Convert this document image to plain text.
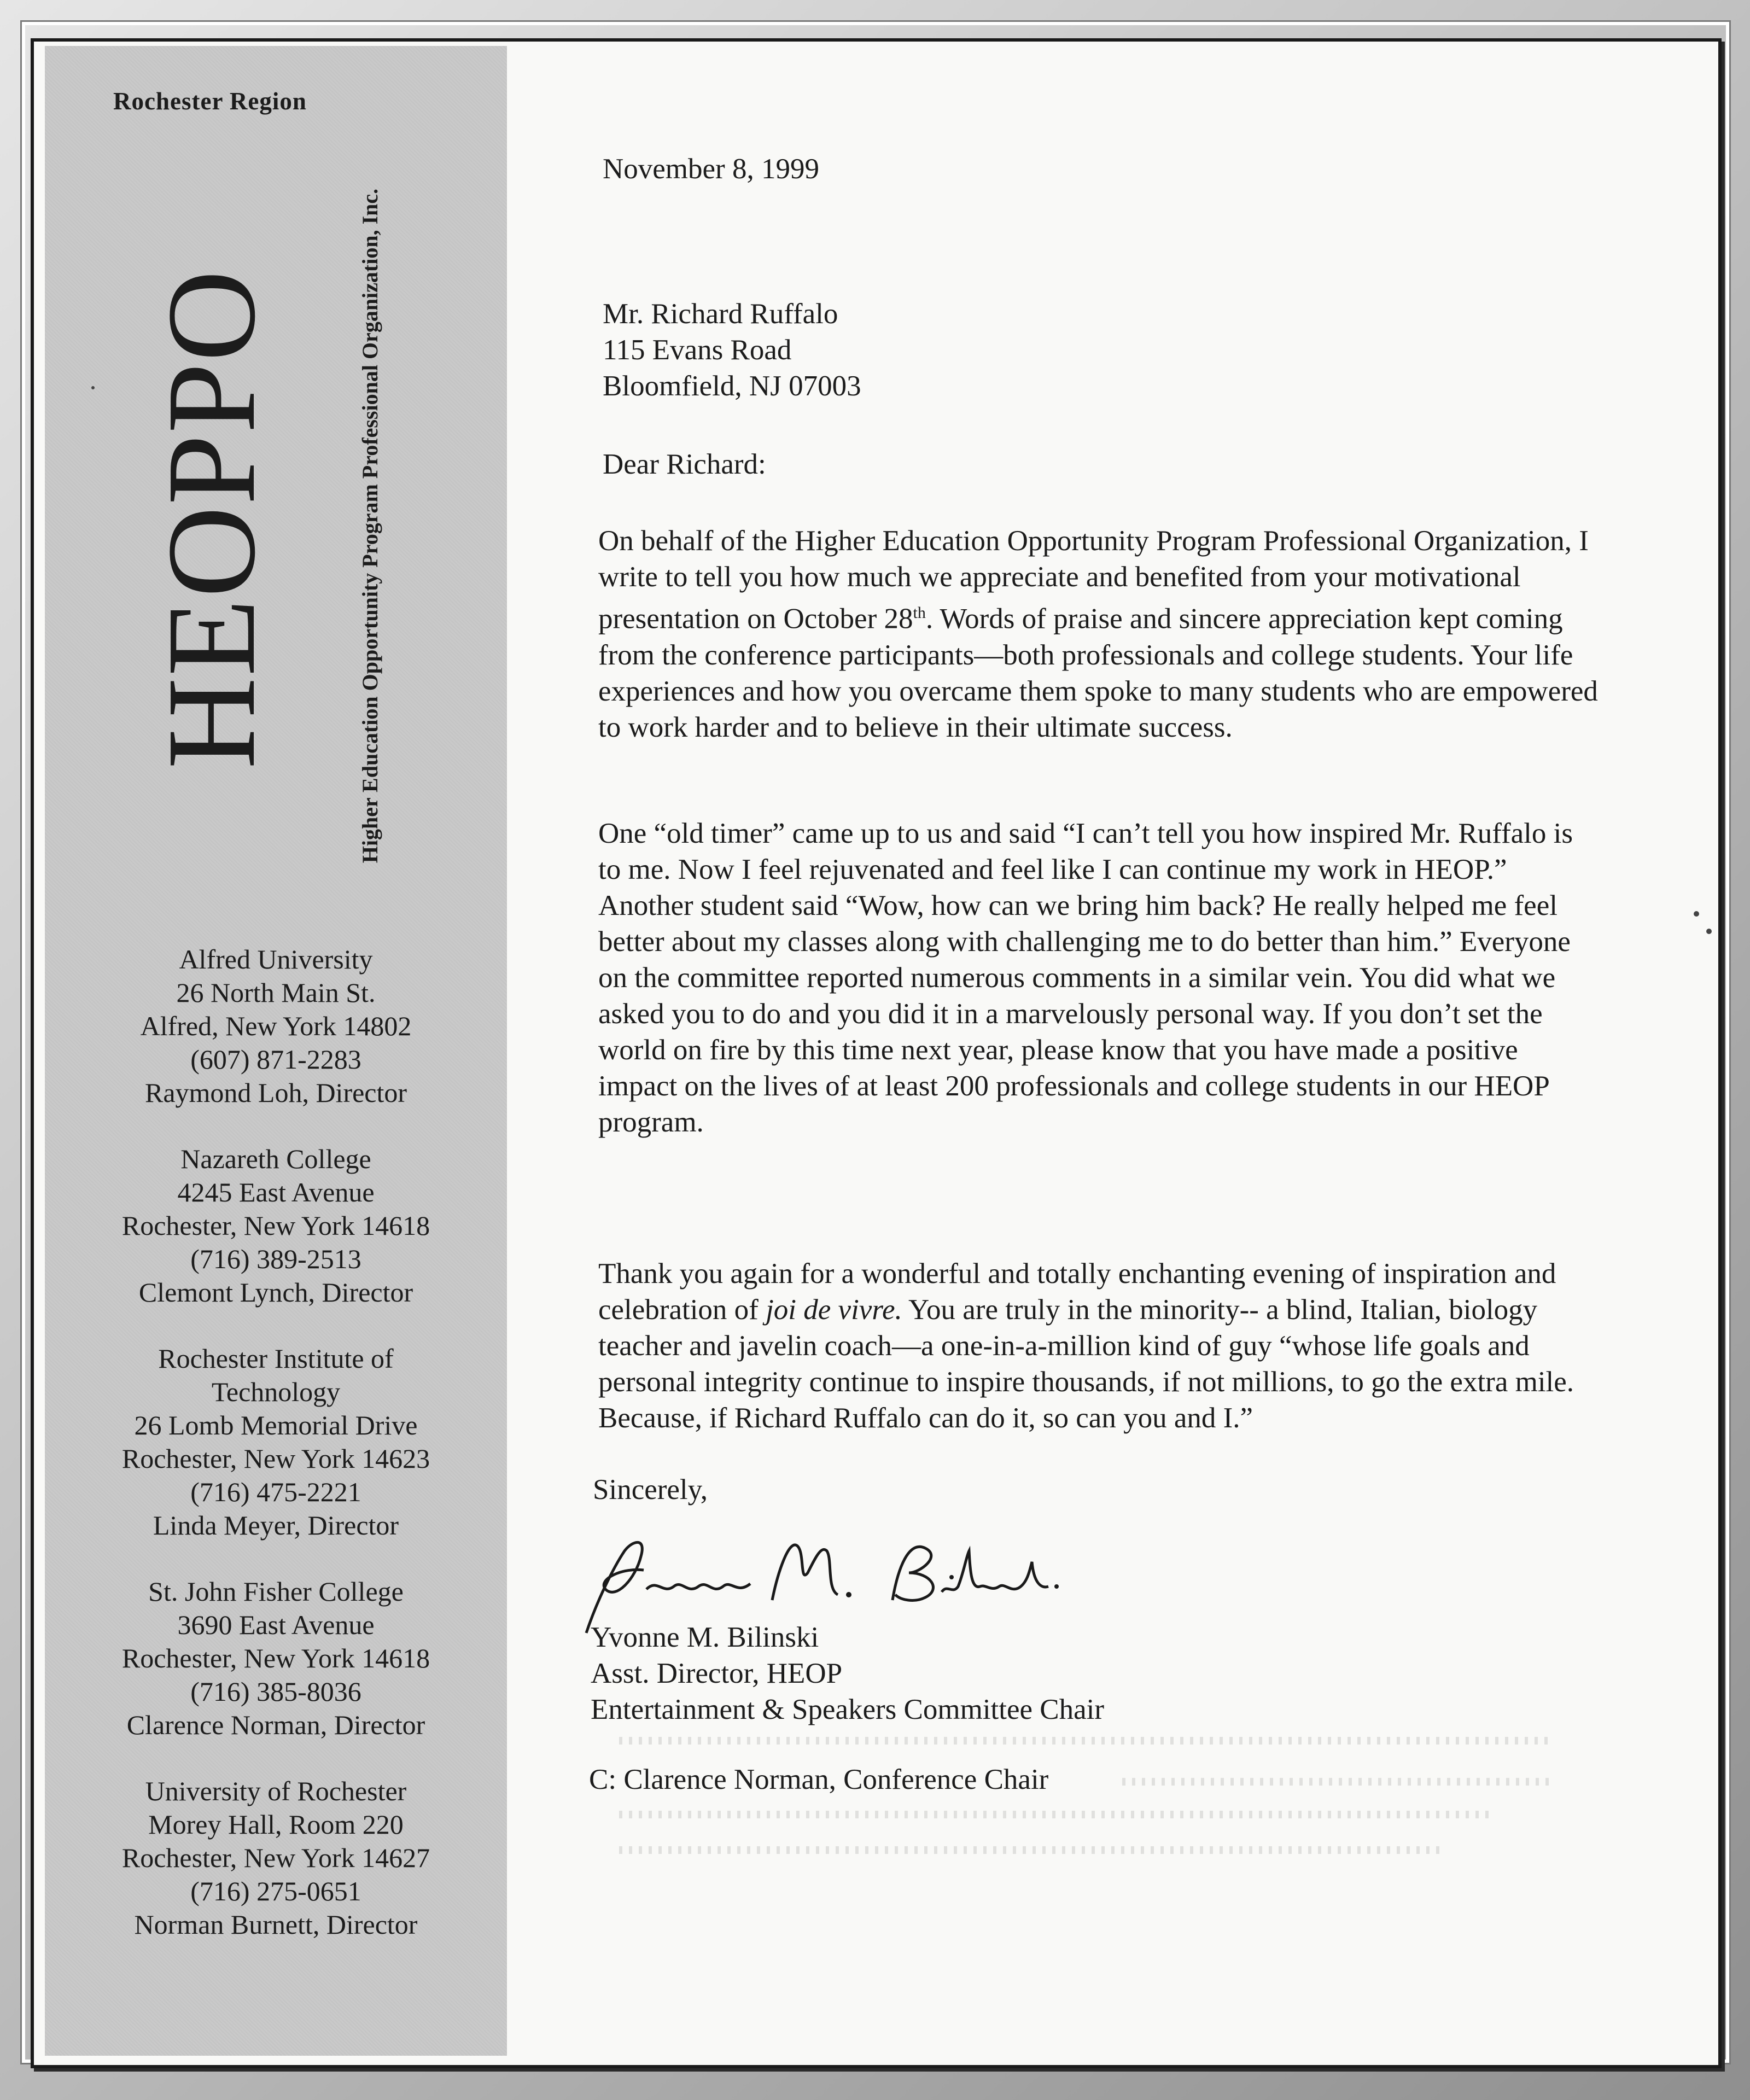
Rochester Region
HEOPPO	Higher Education Opportunity Program Professional Organization, Inc.
Alfred University
26 North Main St.
Alfred, New York 14802
(607) 871-2283
Raymond Loh, Director
Nazareth College
4245 East Avenue
Rochester, New York 14618
(716) 389-2513
Clemont Lynch, Director
Rochester Institute of
Technology
26 Lomb Memorial Drive
Rochester, New York 14623
(716) 475-2221
Linda Meyer, Director
St. John Fisher College
3690 East Avenue
Rochester, New York 14618
(716) 385-8036
Clarence Norman, Director
University of Rochester
Morey Hall, Room 220
Rochester, New York 14627
(716) 275-0651
Norman Burnett, Director
November 8, 1999
Mr. Richard Ruffalo
115 Evans Road
Bloomfield, NJ 07003
Dear Richard:

On behalf of the Higher Education Opportunity Program Professional Organization, I write to tell you how much we appreciate and benefited from your motivational presentation on October 28th. Words of praise and sincere appreciation kept coming from the conference participants—both professionals and college students. Your life experiences and how you overcame them spoke to many students who are empowered to work harder and to believe in their ultimate success.

One “old timer” came up to us and said “I can’t tell you how inspired Mr. Ruffalo is to me. Now I feel rejuvenated and feel like I can continue my work in HEOP.” Another student said “Wow, how can we bring him back? He really helped me feel better about my classes along with challenging me to do better than him.” Everyone on the committee reported numerous comments in a similar vein. You did what we asked you to do and you did it in a marvelously personal way. If you don’t set the world on fire by this time next year, please know that you have made a positive impact on the lives of at least 200 professionals and college students in our HEOP program.

Thank you again for a wonderful and totally enchanting evening of inspiration and celebration of joi de vivre. You are truly in the minority-- a blind, Italian, biology teacher and javelin coach—a one-in-a-million kind of guy “whose life goals and personal integrity continue to inspire thousands, if not millions, to go the extra mile. Because, if Richard Ruffalo can do it, so can you and I.”

Sincerely,
Yvonne M. Bilinski
Asst. Director, HEOP
Entertainment & Speakers Committee Chair
C: Clarence Norman, Conference Chair
